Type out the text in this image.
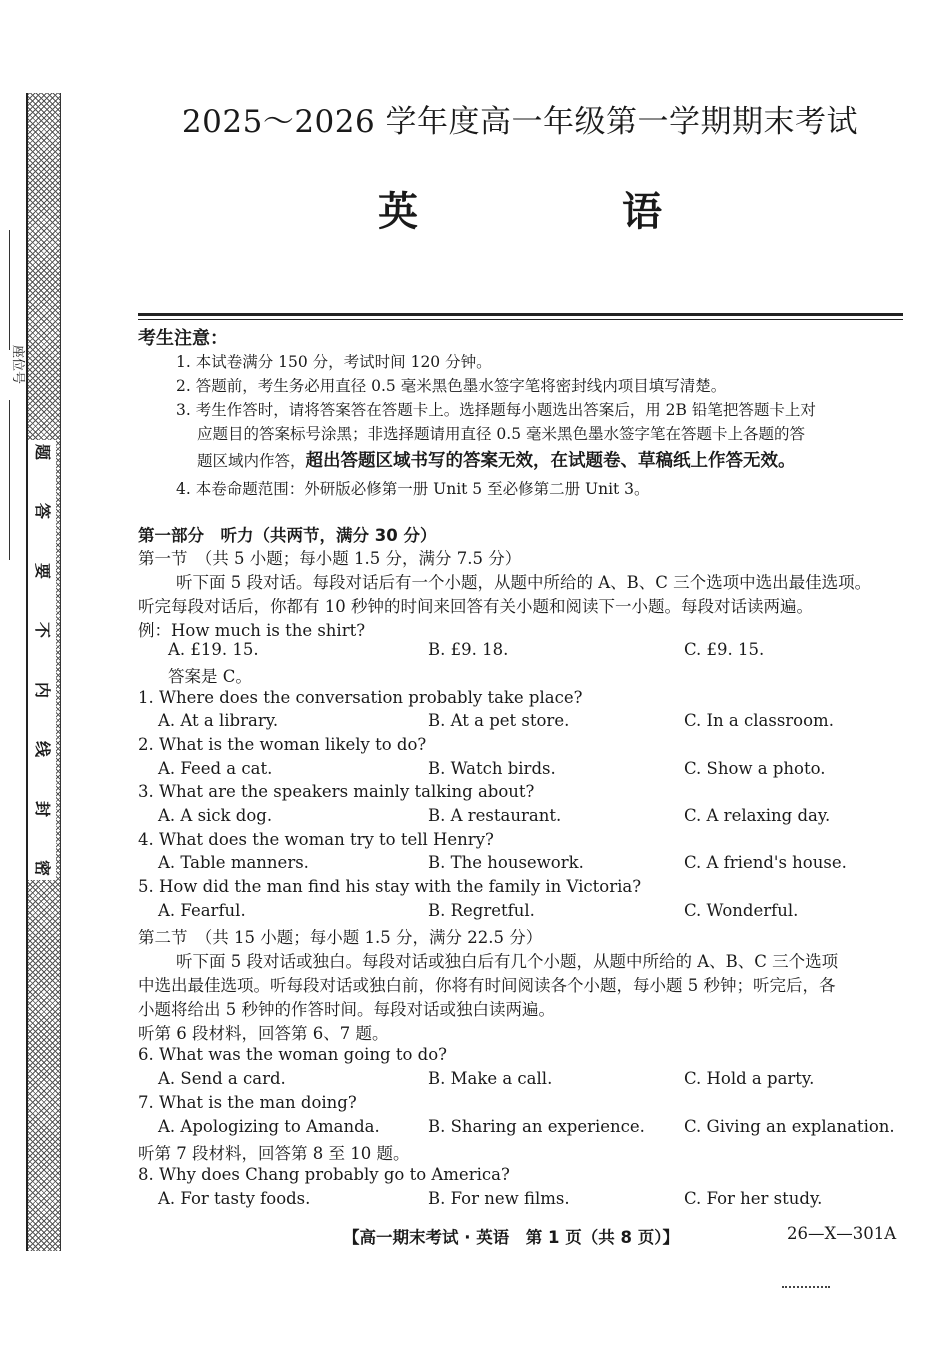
座位号
题
答
要
不
内
线
封
密
2025～2026 学年度高一年级第一学期期末考试
英 语
考生注意：
1. 本试卷满分 150 分，考试时间 120 分钟。
2. 答题前，考生务必用直径 0.5 毫米黑色墨水签字笔将密封线内项目填写清楚。
3. 考生作答时，请将答案答在答题卡上。选择题每小题选出答案后，用 2B 铅笔把答题卡上对
应题目的答案标号涂黑；非选择题请用直径 0.5 毫米黑色墨水签字笔在答题卡上各题的答
题区域内作答，超出答题区域书写的答案无效，在试题卷、草稿纸上作答无效。
4. 本卷命题范围：外研版必修第一册 Unit 5 至必修第二册 Unit 3。
第一部分　听力（共两节，满分 30 分）
第一节　（共 5 小题；每小题 1.5 分，满分 7.5 分）
听下面 5 段对话。每段对话后有一个小题，从题中所给的 A、B、C 三个选项中选出最佳选项。
听完每段对话后，你都有 10 秒钟的时间来回答有关小题和阅读下一小题。每段对话读两遍。
例：How much is the shirt?
A. £19. 15.	B. £9. 18.	C. £9. 15.
答案是 C。
1. Where does the conversation probably take place?
A. At a library.	B. At a pet store.	C. In a classroom.
2. What is the woman likely to do?
A. Feed a cat.	B. Watch birds.	C. Show a photo.
3. What are the speakers mainly talking about?
A. A sick dog.	B. A restaurant.	C. A relaxing day.
4. What does the woman try to tell Henry?
A. Table manners.	B. The housework.	C. A friend's house.
5. How did the man find his stay with the family in Victoria?
A. Fearful.	B. Regretful.	C. Wonderful.
第二节　（共 15 小题；每小题 1.5 分，满分 22.5 分）
听下面 5 段对话或独白。每段对话或独白后有几个小题，从题中所给的 A、B、C 三个选项
中选出最佳选项。听每段对话或独白前，你将有时间阅读各个小题，每小题 5 秒钟；听完后，各
小题将给出 5 秒钟的作答时间。每段对话或独白读两遍。
听第 6 段材料，回答第 6、7 题。
6. What was the woman going to do?
A. Send a card.	B. Make a call.	C. Hold a party.
7. What is the man doing?
A. Apologizing to Amanda.	B. Sharing an experience. C. Giving an explanation.
听第 7 段材料，回答第 8 至 10 题。
8. Why does Chang probably go to America?
A. For tasty foods.	B. For new films.	C. For her study.
【高一期末考试 · 英语　第 1 页（共 8 页）】	26—X—301A
